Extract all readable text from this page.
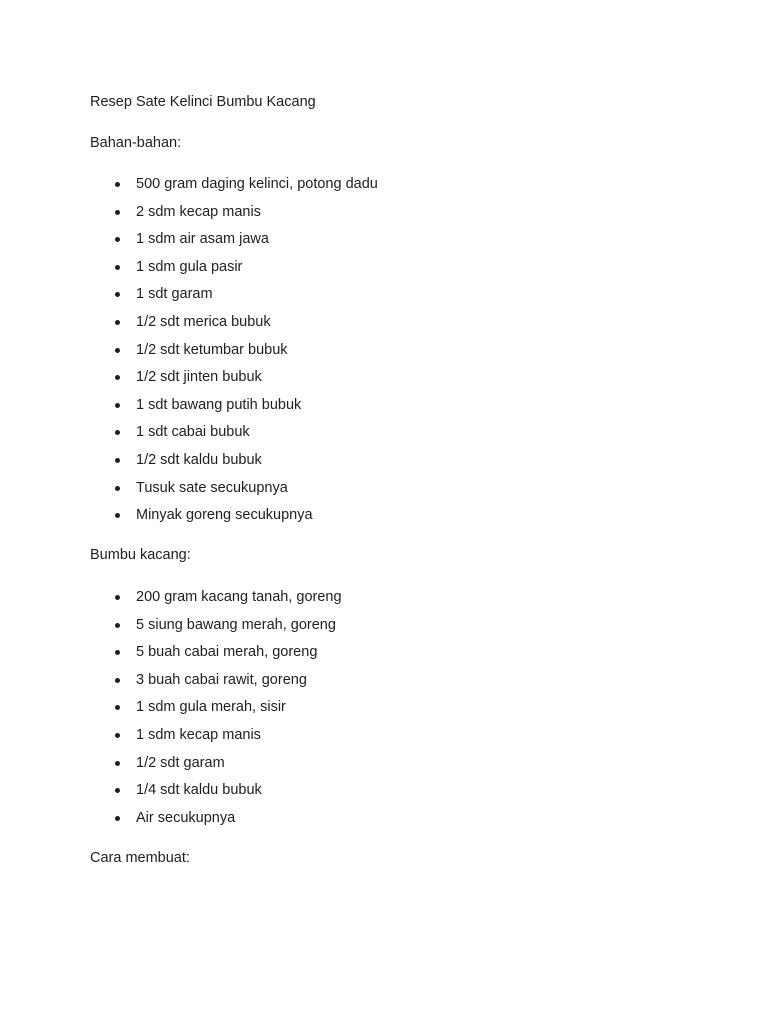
Resep Sate Kelinci Bumbu Kacang

Bahan-bahan:

500 gram daging kelinci, potong dadu
2 sdm kecap manis
1 sdm air asam jawa
1 sdm gula pasir
1 sdt garam
1/2 sdt merica bubuk
1/2 sdt ketumbar bubuk
1/2 sdt jinten bubuk
1 sdt bawang putih bubuk
1 sdt cabai bubuk
1/2 sdt kaldu bubuk
Tusuk sate secukupnya
Minyak goreng secukupnya

Bumbu kacang:

200 gram kacang tanah, goreng
5 siung bawang merah, goreng
5 buah cabai merah, goreng
3 buah cabai rawit, goreng
1 sdm gula merah, sisir
1 sdm kecap manis
1/2 sdt garam
1/4 sdt kaldu bubuk
Air secukupnya

Cara membuat:
